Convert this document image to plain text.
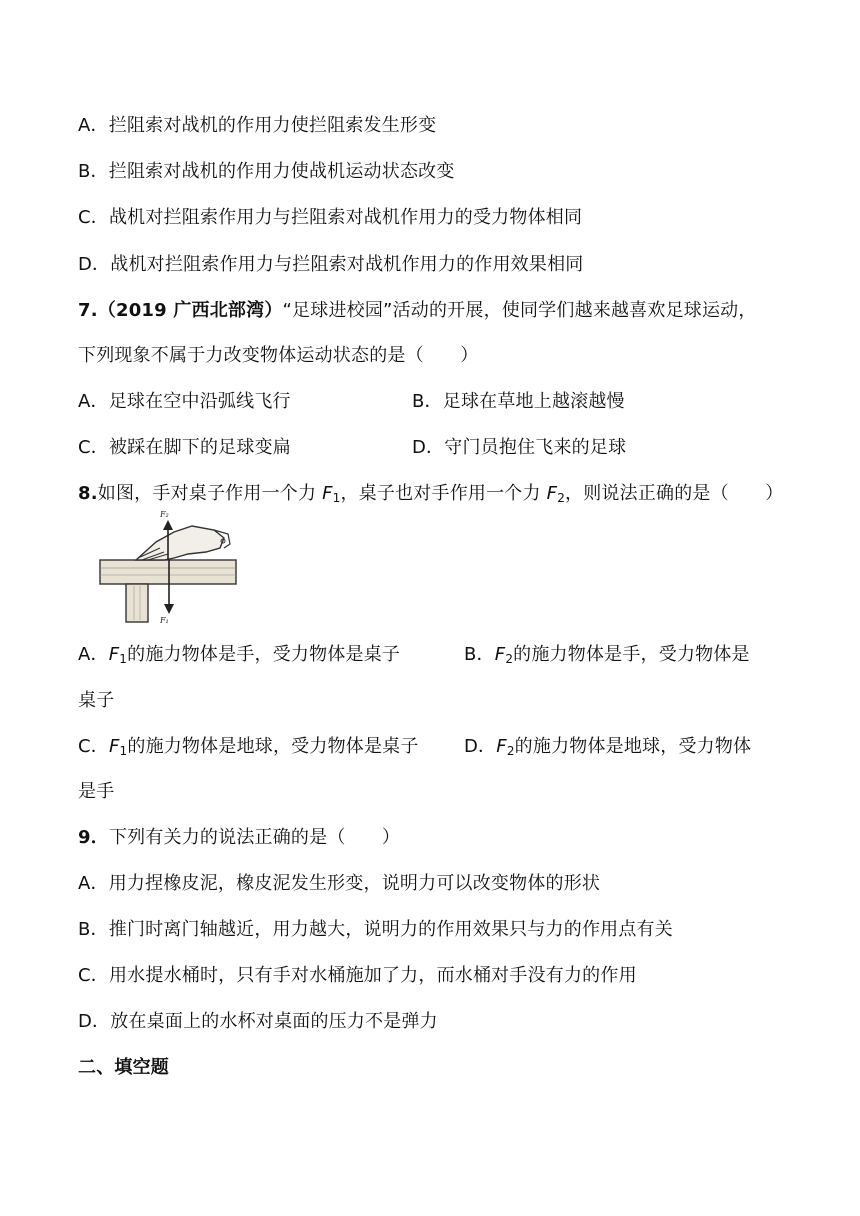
A．拦阻索对战机的作用力使拦阻索发生形变
B．拦阻索对战机的作用力使战机运动状态改变
C．战机对拦阻索作用力与拦阻索对战机作用力的受力物体相同
D．战机对拦阻索作用力与拦阻索对战机作用力的作用效果相同
7.（2019 广西北部湾）“足球进校园”活动的开展，使同学们越来越喜欢足球运动，
下列现象不属于力改变物体运动状态的是（　　）
A．足球在空中沿弧线飞行	B．足球在草地上越滚越慢
C．被踩在脚下的足球变扁	D．守门员抱住飞来的足球
8.如图，手对桌子作用一个力 $F_1$，桌子也对手作用一个力 $F_2$，则说法正确的是（　　）
F₂
F₁
A．$F_1$的施力物体是手，受力物体是桌子	B．$F_2$的施力物体是手，受力物体是
桌子
C．$F_1$的施力物体是地球，受力物体是桌子	D．$F_2$的施力物体是地球，受力物体
是手
9．下列有关力的说法正确的是（　　）
A．用力捏橡皮泥，橡皮泥发生形变，说明力可以改变物体的形状
B．推门时离门轴越近，用力越大，说明力的作用效果只与力的作用点有关
C．用水提水桶时，只有手对水桶施加了力，而水桶对手没有力的作用
D．放在桌面上的水杯对桌面的压力不是弹力
二、填空题
